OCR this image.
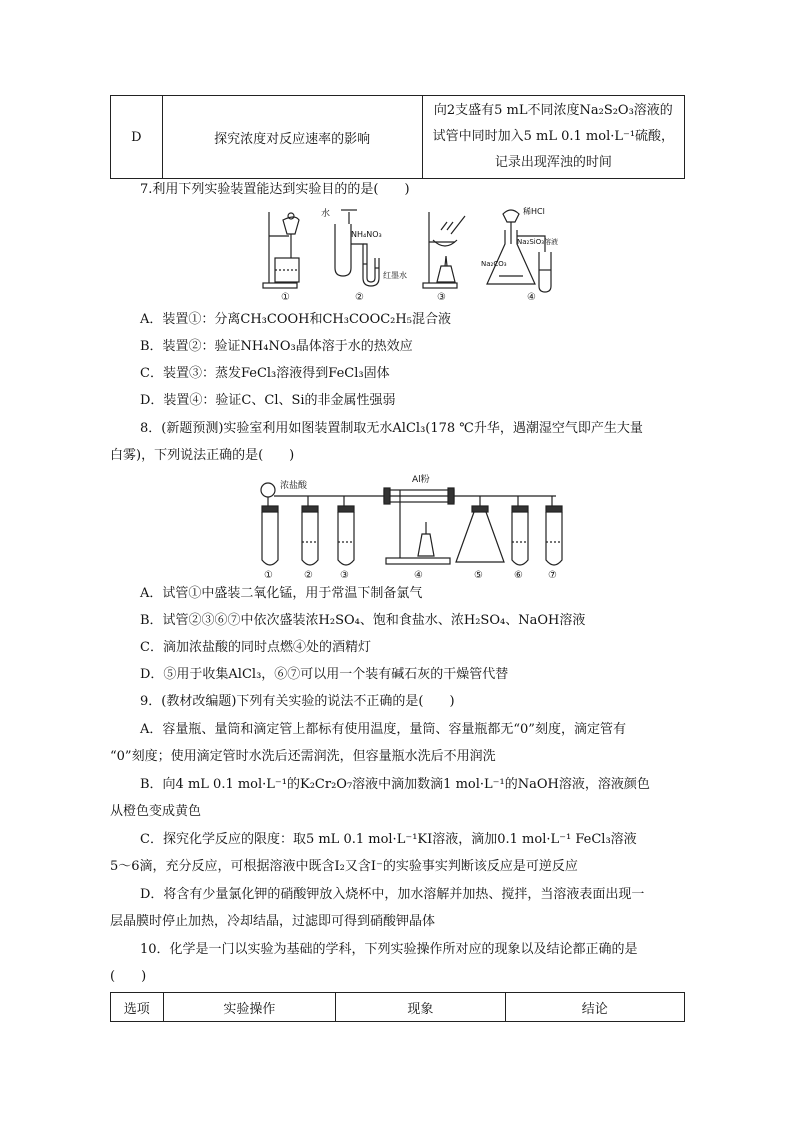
D	探究浓度对反应速率的影响	
向2支盛有5 mL不同浓度Na₂S₂O₃溶液的
试管中同时加入5 mL 0.1 mol·L⁻¹硫酸，
记录出现浑浊的时间
7.利用下列实验装置能达到实验目的的是(　　)
水
NH₄NO₃
红墨水
稀HCl
Na₂SiO₃溶液
Na₂CO₃
①	②	③	④
A．装置①：分离CH₃COOH和CH₃COOC₂H₅混合液
B．装置②：验证NH₄NO₃晶体溶于水的热效应
C．装置③：蒸发FeCl₃溶液得到FeCl₃固体
D．装置④：验证C、Cl、Si的非金属性强弱
8．(新题预测)实验室利用如图装置制取无水AlCl₃(178 ℃升华，遇潮湿空气即产生大量
白雾)，下列说法正确的是(　　)
浓盐酸
Al粉
①	②	③	④	⑤	⑥	⑦
A．试管①中盛装二氧化锰，用于常温下制备氯气
B．试管②③⑥⑦中依次盛装浓H₂SO₄、饱和食盐水、浓H₂SO₄、NaOH溶液
C．滴加浓盐酸的同时点燃④处的酒精灯
D．⑤用于收集AlCl₃，⑥⑦可以用一个装有碱石灰的干燥管代替
9．(教材改编题)下列有关实验的说法不正确的是(　　)
A．容量瓶、量筒和滴定管上都标有使用温度，量筒、容量瓶都无“0”刻度，滴定管有
“0”刻度；使用滴定管时水洗后还需润洗，但容量瓶水洗后不用润洗
B．向4 mL 0.1 mol·L⁻¹的K₂Cr₂O₇溶液中滴加数滴1 mol·L⁻¹的NaOH溶液，溶液颜色
从橙色变成黄色
C．探究化学反应的限度：取5 mL 0.1 mol·L⁻¹KI溶液，滴加0.1 mol·L⁻¹ FeCl₃溶液
5～6滴，充分反应，可根据溶液中既含I₂又含I⁻的实验事实判断该反应是可逆反应
D．将含有少量氯化钾的硝酸钾放入烧杯中，加水溶解并加热、搅拌，当溶液表面出现一
层晶膜时停止加热，冷却结晶，过滤即可得到硝酸钾晶体
10．化学是一门以实验为基础的学科，下列实验操作所对应的现象以及结论都正确的是
(　　)
选项	实验操作	现象	结论
